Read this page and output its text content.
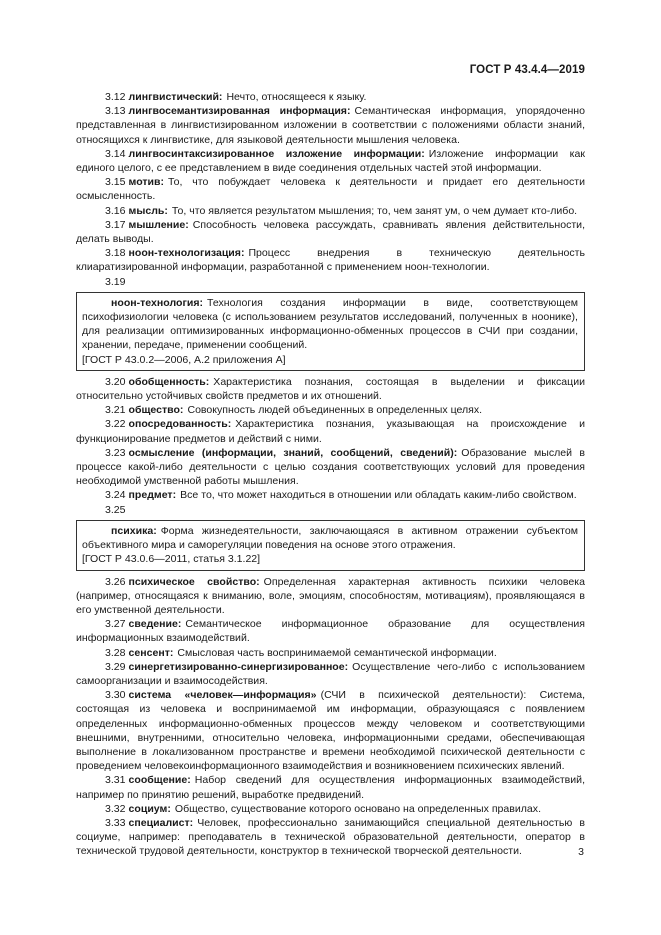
ГОСТ Р 43.4.4—2019

3.12 лингвистический: Нечто, относящееся к языку.

3.13 лингвосемантизированная информация: Семантическая информация, упорядоченно представленная в лингвистизированном изложении в соответствии с положениями области знаний, относящихся к лингвистике, для языковой деятельности мышления человека.

3.14 лингвосинтаксизированное изложение информации: Изложение информации как единого целого, с ее представлением в виде соединения отдельных частей этой информации.

3.15 мотив: То, что побуждает человека к деятельности и придает его деятельности осмысленность.

3.16 мысль: То, что является результатом мышления; то, чем занят ум, о чем думает кто-либо.

3.17 мышление: Способность человека рассуждать, сравнивать явления действительности, делать выводы.

3.18 ноон-технологизация: Процесс внедрения в техническую деятельность клиаратизированной информации, разработанной с применением ноон-технологии.

3.19

ноон-технология: Технология создания информации в виде, соответствующем психофизиологии человека (с использованием результатов исследований, полученных в ноонике), для реализации оптимизированных информационно-обменных процессов в СЧИ при создании, хранении, передаче, применении сообщений.

[ГОСТ Р 43.0.2—2006, А.2 приложения А]

3.20 обобщенность: Характеристика познания, состоящая в выделении и фиксации относительно устойчивых свойств предметов и их отношений.

3.21 общество: Совокупность людей объединенных в определенных целях.

3.22 опосредованность: Характеристика познания, указывающая на происхождение и функционирование предметов и действий с ними.

3.23 осмысление (информации, знаний, сообщений, сведений): Образование мыслей в процессе какой-либо деятельности с целью создания соответствующих условий для проведения необходимой умственной работы мышления.

3.24 предмет: Все то, что может находиться в отношении или обладать каким-либо свойством.

3.25

психика: Форма жизнедеятельности, заключающаяся в активном отражении субъектом объективного мира и саморегуляции поведения на основе этого отражения.

[ГОСТ Р 43.0.6—2011, статья 3.1.22]

3.26 психическое свойство: Определенная характерная активность психики человека (например, относящаяся к вниманию, воле, эмоциям, способностям, мотивациям), проявляющаяся в его умственной деятельности.

3.27 сведение: Семантическое информационное образование для осуществления информационных взаимодействий.

3.28 сенсент: Смысловая часть воспринимаемой семантической информации.

3.29 синергетизированно-синергизированное: Осуществление чего-либо с использованием самоорганизации и взаимосодействия.

3.30 система «человек—информация» (СЧИ в психической деятельности): Система, состоящая из человека и воспринимаемой им информации, образующаяся с появлением определенных информационно-обменных процессов между человеком и соответствующими внешними, внутренними, относительно человека, информационными средами, обеспечивающая выполнение в локализованном пространстве и времени необходимой психической деятельности с проведением человекоинформационного взаимодействия и возникновением психических явлений.

3.31 сообщение: Набор сведений для осуществления информационных взаимодействий, например по принятию решений, выработке предвидений.

3.32 социум: Общество, существование которого основано на определенных правилах.

3.33 специалист: Человек, профессионально занимающийся специальной деятельностью в социуме, например: преподаватель в технической образовательной деятельности, оператор в технической трудовой деятельности, конструктор в технической творческой деятельности.	3
